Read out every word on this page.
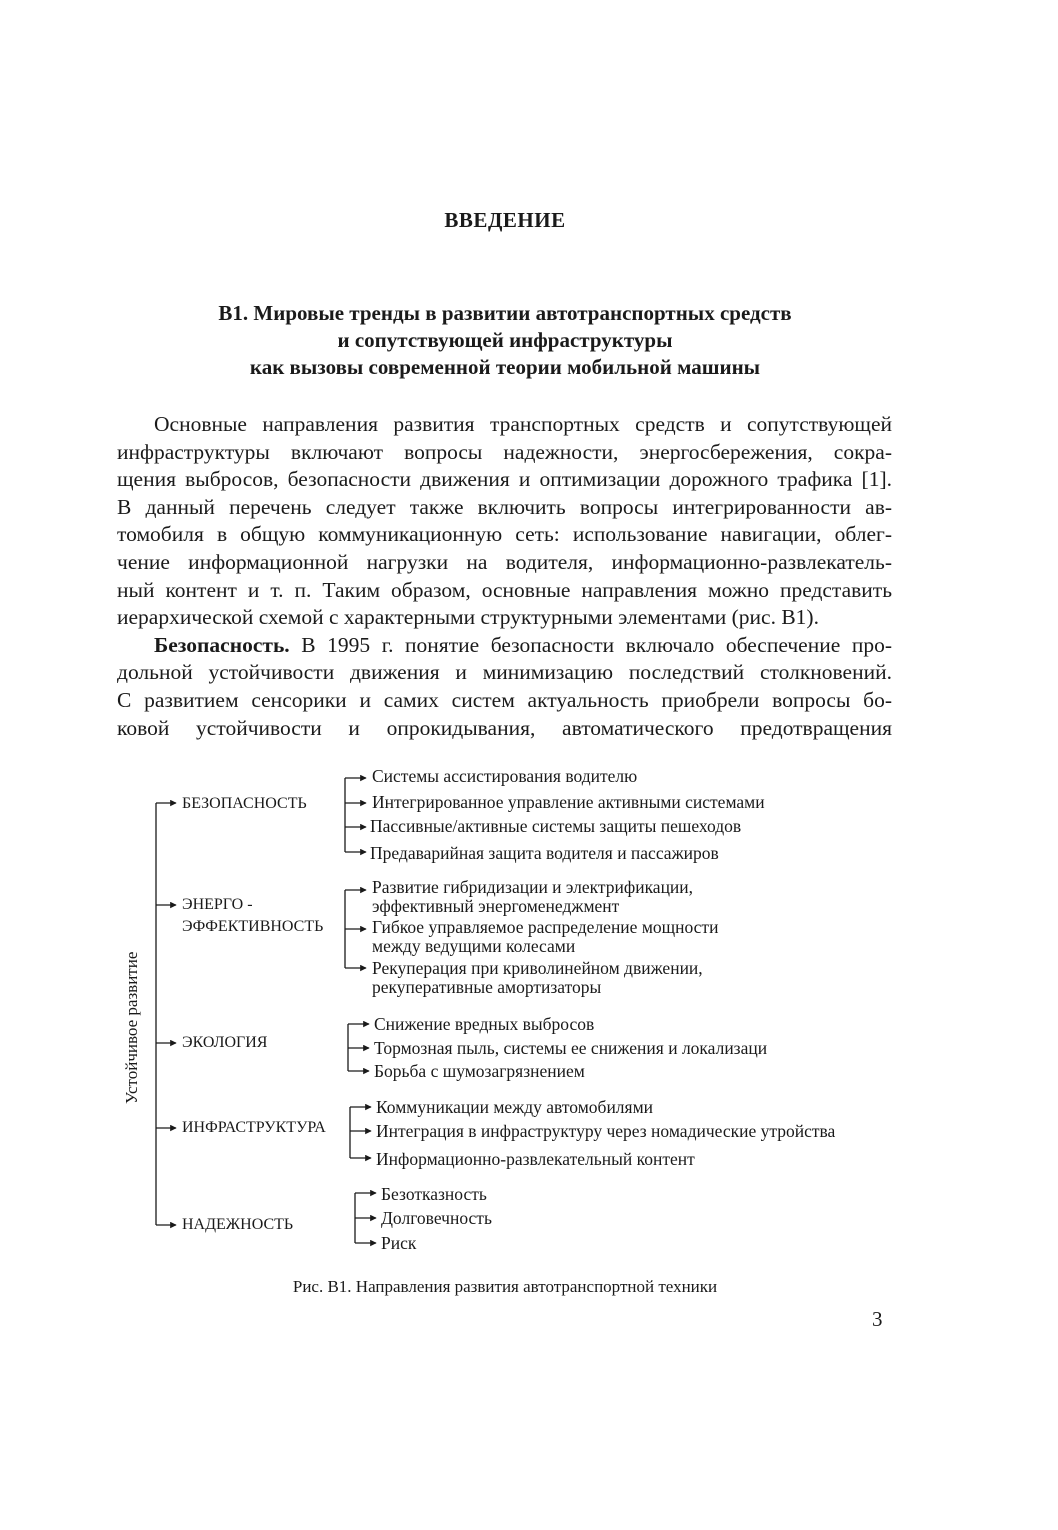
ВВЕДЕНИЕ
В1. Мировые тренды в развитии автотранспортных средств
и сопутствующей инфраструктуры
как вызовы современной теории мобильной машины
Основные направления развития транспортных средств и сопутствующей
инфраструктуры включают вопросы надежности, энергосбережения, сокра-
щения выбросов, безопасности движения и оптимизации дорожного трафика [1].
В данный перечень следует также включить вопросы интегрированности ав-
томобиля в общую коммуникационную сеть: использование навигации, облег-
чение информационной нагрузки на водителя, информационно-развлекатель-
ный контент и т. п. Таким образом, основные направления можно представить
иерархической схемой с характерными структурными элементами (рис. В1).
Безопасность. В 1995 г. понятие безопасности включало обеспечение про-
дольной устойчивости движения и минимизацию последствий столкновений.
С развитием сенсорики и самих систем актуальность приобрели вопросы бо-
ковой устойчивости и опрокидывания, автоматического предотвращения
Устойчивое развитие
БЕЗОПАСНОСТЬ
ЭНЕРГО -
ЭФФЕКТИВНОСТЬ
ЭКОЛОГИЯ
ИНФРАСТРУКТУРА
НАДЕЖНОСТЬ
Системы ассистирования водителю
Интегрированное управление активными системами
Пассивные/активные системы защиты пешеходов
Предаварийная защита водителя и пассажиров
Развитие гибридизации и электрификации,
эффективный энергоменеджмент
Гибкое управляемое распределение мощности
между ведущими колесами
Рекуперация при криволинейном движении,
рекуперативные амортизаторы
Снижение вредных выбросов
Тормозная пыль, системы ее снижения и локализаци
Борьба с шумозагрязнением
Коммуникации между автомобилями
Интеграция в инфраструктуру через номадические утройства
Информационно-развлекательный контент
Безотказность
Долговечность
Риск
Рис. В1. Направления развития автотранспортной техники
3
